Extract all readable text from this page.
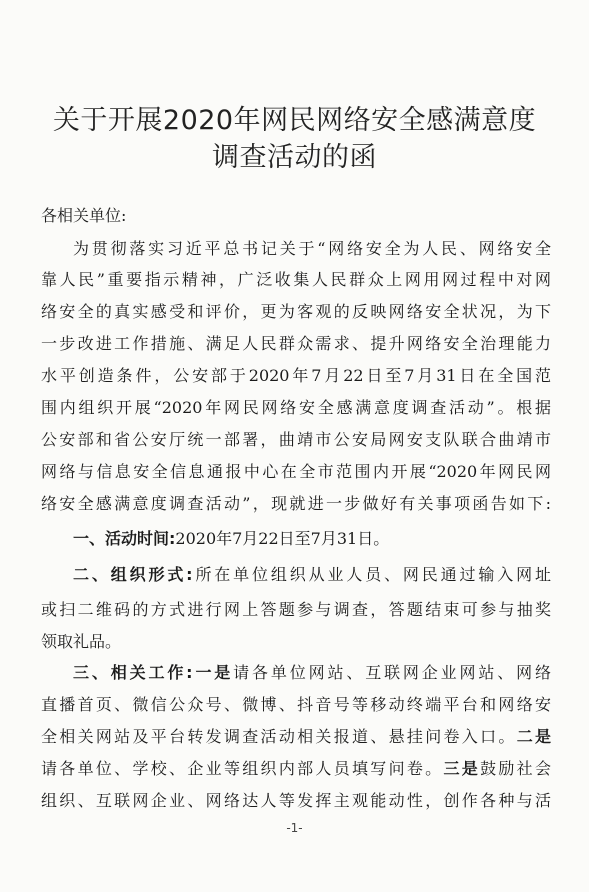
关于开展2020年网民网络安全感满意度
调查活动的函
各相关单位:
为贯彻落实习近平总书记关于“网络安全为人民、网络安全
靠人民”重要指示精神，广泛收集人民群众上网用网过程中对网
络安全的真实感受和评价，更为客观的反映网络安全状况，为下
一步改进工作措施、满足人民群众需求、提升网络安全治理能力
水平创造条件，公安部于2020年7月22日至7月31日在全国范
围内组织开展“2020年网民网络安全感满意度调查活动”。根据
公安部和省公安厅统一部署，曲靖市公安局网安支队联合曲靖市
网络与信息安全信息通报中心在全市范围内开展“2020年网民网
络安全感满意度调查活动”，现就进一步做好有关事项函告如下:
一、活动时间:2020年7月22日至7月31日。
二、组织形式:所在单位组织从业人员、网民通过输入网址
或扫二维码的方式进行网上答题参与调查，答题结束可参与抽奖
领取礼品。
三、相关工作:一是请各单位网站、互联网企业网站、网络
直播首页、微信公众号、微博、抖音号等移动终端平台和网络安
全相关网站及平台转发调查活动相关报道、悬挂问卷入口。二是
请各单位、学校、企业等组织内部人员填写问卷。三是鼓励社会
组织、互联网企业、网络达人等发挥主观能动性，创作各种与活
-1-
